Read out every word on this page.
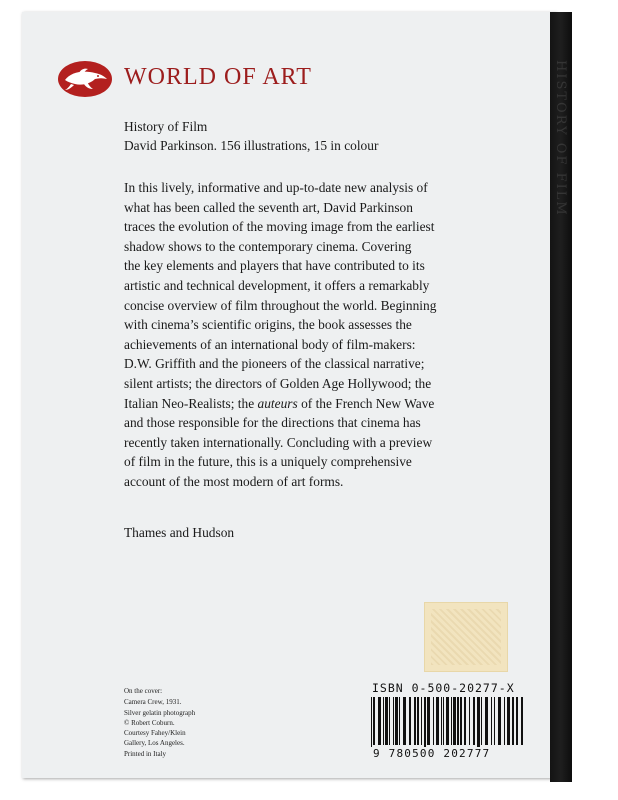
HISTORY OF FILM
WORLD OF ART
History of Film
David Parkinson. 156 illustrations, 15 in colour
In this lively, informative and up-to-date new analysis of
what has been called the seventh art, David Parkinson
traces the evolution of the moving image from the earliest
shadow shows to the contemporary cinema. Covering
the key elements and players that have contributed to its
artistic and technical development, it offers a remarkably
concise overview of film throughout the world. Beginning
with cinema’s scientific origins, the book assesses the
achievements of an international body of film-makers:
D.W. Griffith and the pioneers of the classical narrative;
silent artists; the directors of Golden Age Hollywood; the
Italian Neo-Realists; the auteurs of the French New Wave
and those responsible for the directions that cinema has
recently taken internationally. Concluding with a preview
of film in the future, this is a uniquely comprehensive
account of the most modern of art forms.
Thames and Hudson
On the cover:
Camera Crew, 1931.
Silver gelatin photograph
© Robert Coburn.
Courtesy Fahey/Klein
Gallery, Los Angeles.
Printed in Italy
ISBN 0-500-20277-X
9 780500 202777
